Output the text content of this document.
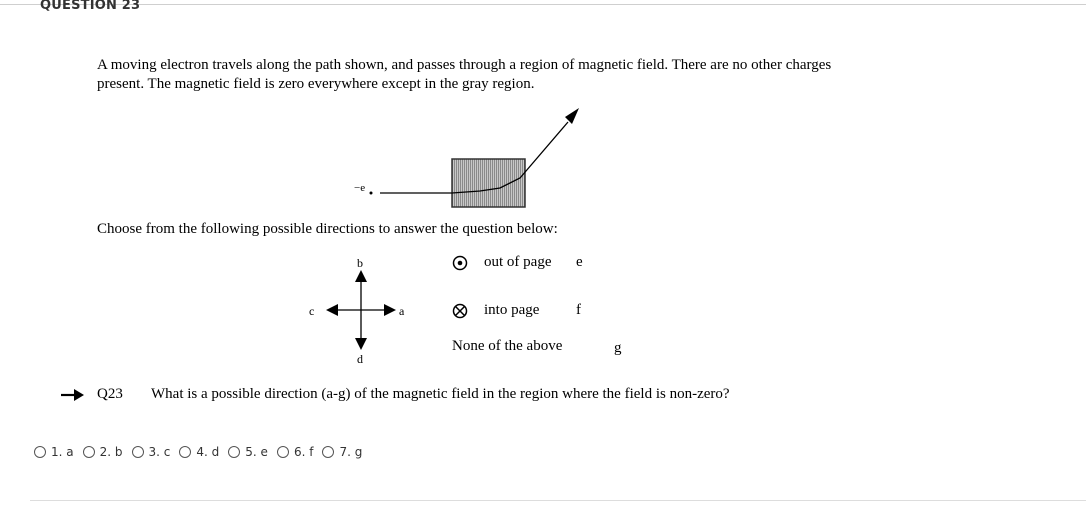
QUESTION 23
A moving electron travels along the path shown, and passes through a region of magnetic field. There are no other charges present. The magnetic field is zero everywhere except in the gray region.
−e
Choose from the following possible directions to answer the question below:
b
d
c	a
out of page e
into page f
None of the above	g
Q23 What is a possible direction (a-g) of the magnetic field in the region where the field is non-zero?
1. a 2. b 3. c 4. d 5. e 6. f 7. g
